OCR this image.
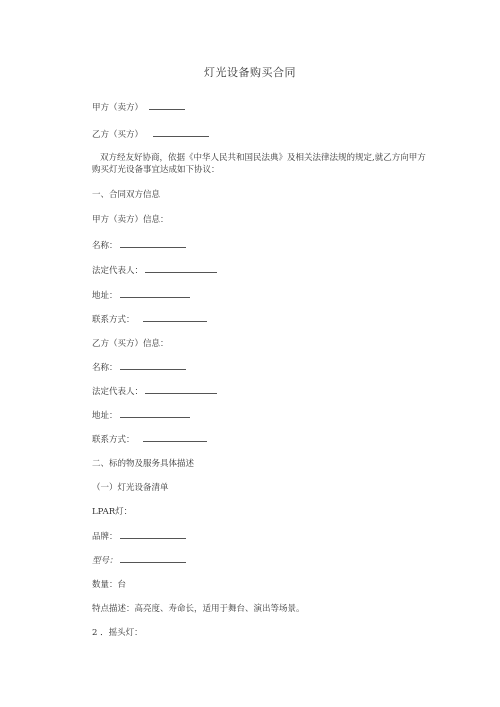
灯光设备购买合同
甲方（卖方）
乙方（买方）
双方经友好协商，依据《中华人民共和国民法典》及相关法律法规的规定,就乙方向甲方购买灯光设备事宜达成如下协议：
一、合同双方信息
甲方（卖方）信息：
名称：
法定代表人：
地址：
联系方式：
乙方（买方）信息：
名称：
法定代表人：
地址：
联系方式：
二、标的物及服务具体描述
（一）灯光设备清单
LPAR灯：
品牌：
型号：
数量：台
特点描述：高亮度、寿命长，适用于舞台、演出等场景。
2 ．摇头灯：
